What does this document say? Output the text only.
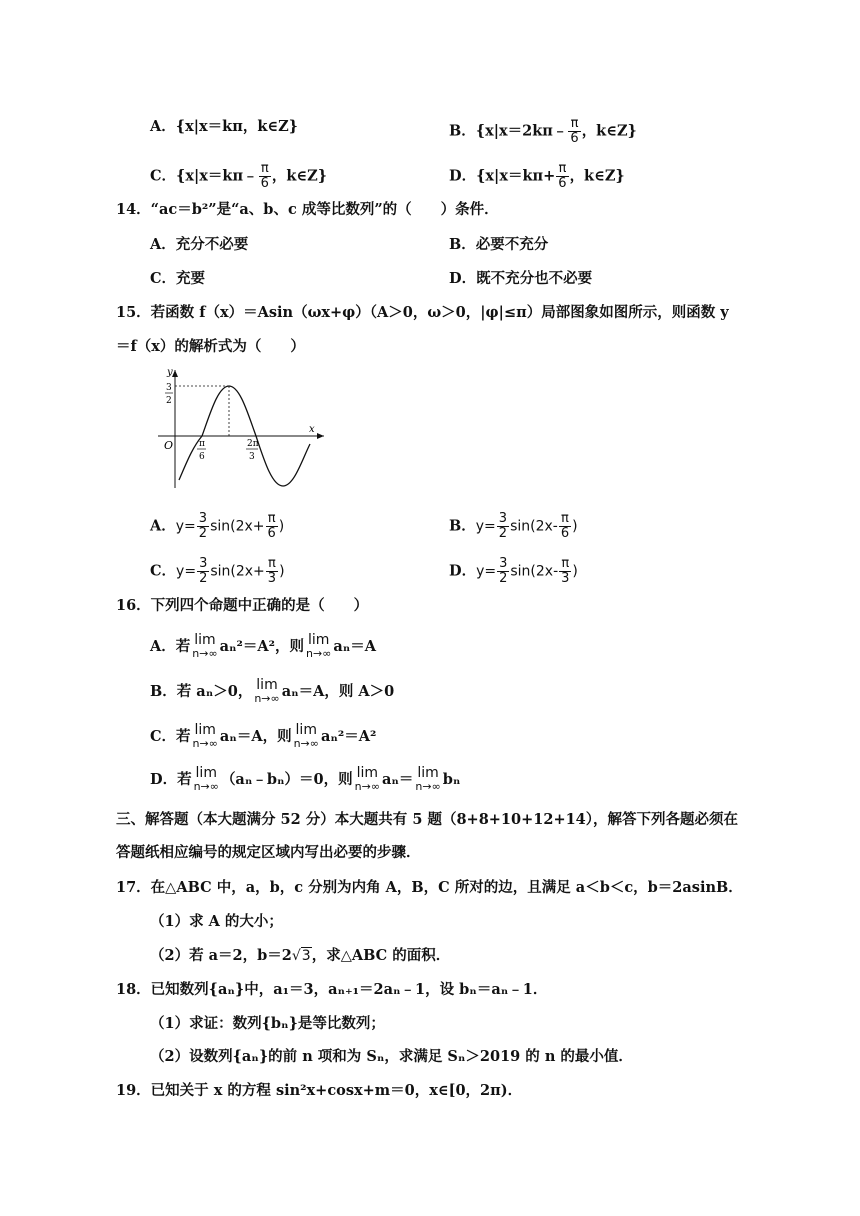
A．{x|x＝kπ，k∈Z}	B．{x|x＝2kπ﹣ $\frac{\pi}{6}$ ，k∈Z}
C．{x|x＝kπ﹣ $\frac{\pi}{6}$ ，k∈Z}	D．{$x|x=k\pi+ \frac{\pi}{6}$ ，k∈Z}
14．“ac＝b²”是“a、b、c 成等比数列”的（　　）条件．
A．充分不必要	B．必要不充分
C．充要	D．既不充分也不必要
15．若函数 f（x）＝Asin（ωx+φ）（A＞0，ω＞0，|φ|≤π）局部图象如图所示，则函数 y
＝f（x）的解析式为（　　）
y
x
O
3
2
π
6
2π
3
A．$y= \frac{3}{2} \sin(2x+ \frac{\pi}{6}$ )	B．$y= \frac{3}{2} \sin(2x- \frac{\pi}{6}$ )
C．$y= \frac{3}{2} \sin(2x+ \frac{\pi}{3}$ )	D．$y= \frac{3}{2} \sin(2x- \frac{\pi}{3}$ )
16．下列四个命题中正确的是（　　）
A．若 lim
n→∞ aₙ²＝A²，则 lim
n→∞ aₙ＝A
B．若 aₙ＞0， lim
n→∞ aₙ＝A，则 A＞0
C．若 lim
n→∞ aₙ＝A，则 lim
n→∞ aₙ²＝A²
D．若 lim
n→∞ （aₙ﹣bₙ）＝0，则 lim
n→∞ aₙ＝ lim
n→∞ bₙ
三、解答题（本大题满分 52 分）本大题共有 5 题（8+8+10+12+14），解答下列各题必须在
答题纸相应编号的规定区域内写出必要的步骤．
17．在△ABC 中，a，b，c 分别为内角 A，B，C 所对的边，且满足 a＜b＜c，b＝2asinB．
（1）求 A 的大小；
（2）若 a＝2，b＝2√3，求△ABC 的面积．
18．已知数列{aₙ}中，a₁＝3，aₙ₊₁＝2aₙ﹣1，设 bₙ＝aₙ﹣1．
（1）求证：数列{bₙ}是等比数列；
（2）设数列{aₙ}的前 n 项和为 Sₙ，求满足 Sₙ＞2019 的 n 的最小值．
19．已知关于 x 的方程 sin²x+cosx+m＝0，x∈[0，2π)．
